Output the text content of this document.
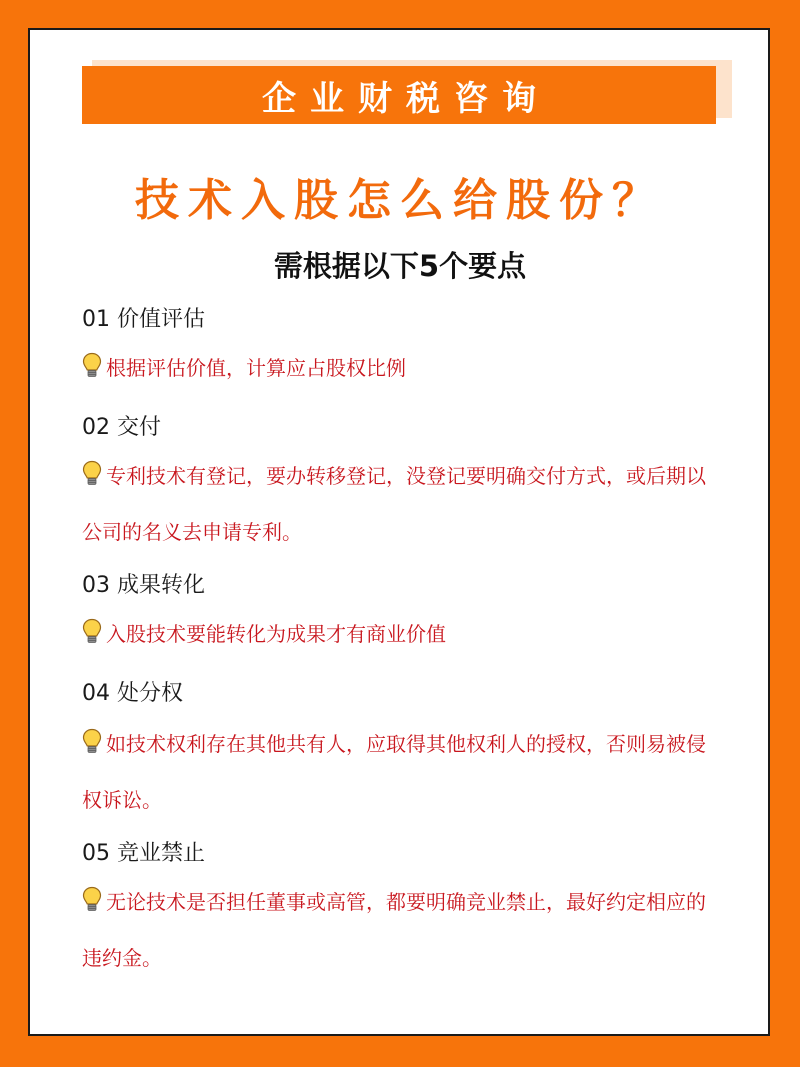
企业财税咨询
技术入股怎么给股份？
需根据以下5个要点
01 价值评估

根据评估价值，计算应占股权比例

02 交付

专利技术有登记，要办转移登记，没登记要明确交付方式，或后期以公司的名义去申请专利。

03 成果转化

入股技术要能转化为成果才有商业价值

04 处分权

如技术权利存在其他共有人，应取得其他权利人的授权，否则易被侵权诉讼。

05 竞业禁止

无论技术是否担任董事或高管，都要明确竞业禁止，最好约定相应的违约金。
